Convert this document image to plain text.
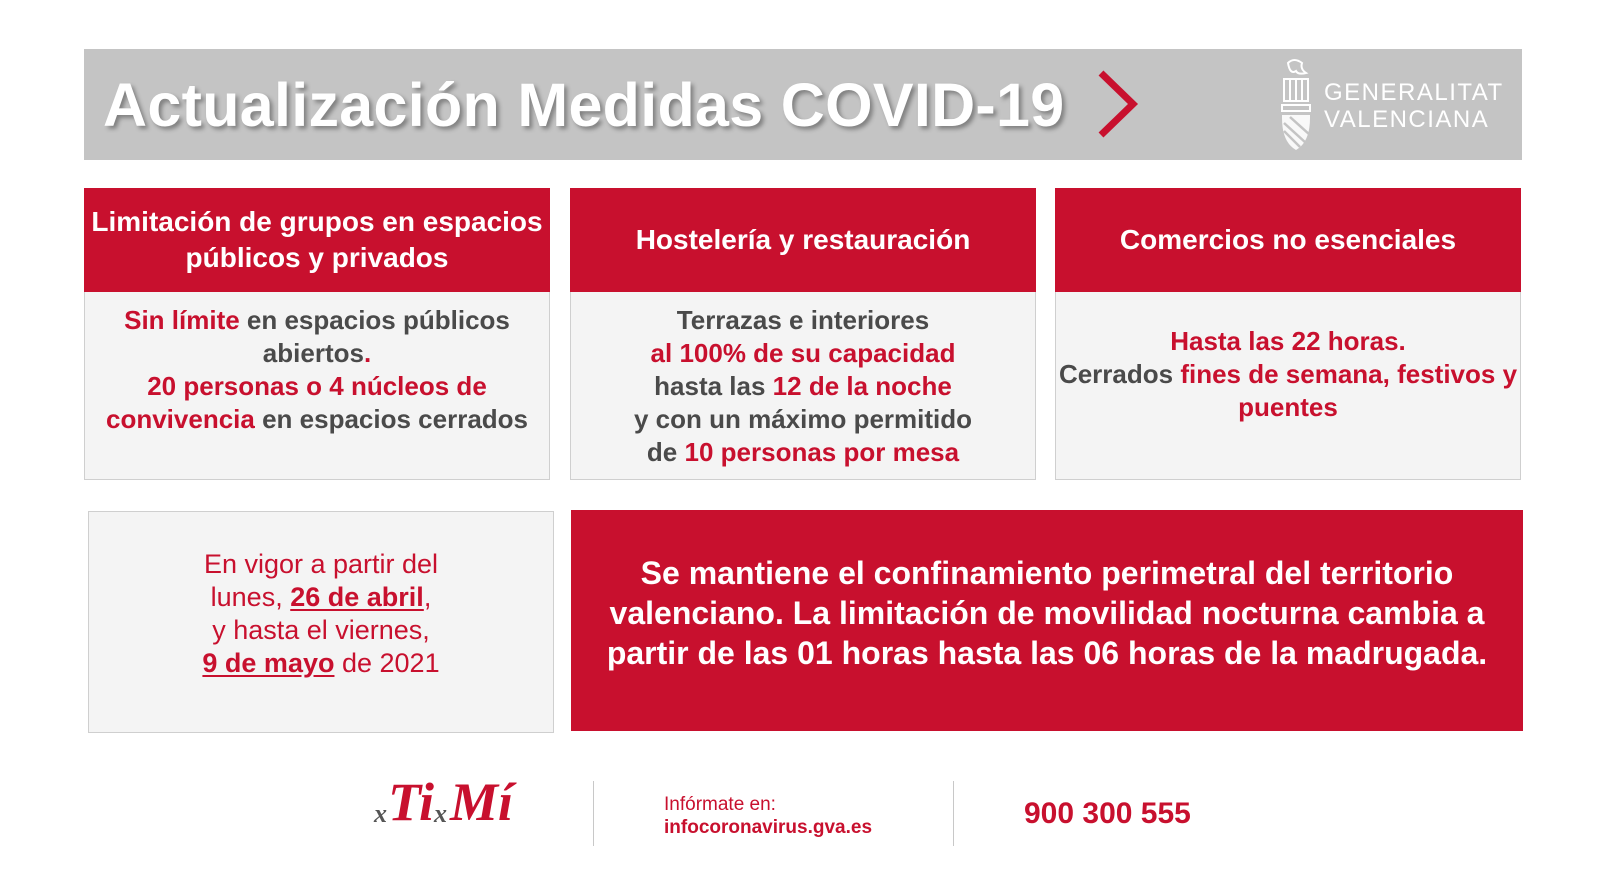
Actualización Medidas COVID-19	GENERALITAT
VALENCIANA
Limitación de grupos en espacios públicos y privados
Sin límite en espacios públicos abiertos.
20 personas o 4 núcleos de convivencia en espacios cerrados
Hostelería y restauración
Terrazas e interiores
al 100% de su capacidad
hasta las 12 de la noche
y con un máximo permitido
de 10 personas por mesa
Comercios no esenciales
Hasta las 22 horas.
Cerrados fines de semana, festivos y puentes
En vigor a partir del
lunes, 26 de abril,
y hasta el viernes,
9 de mayo de 2021
Se mantiene el confinamiento perimetral del territorio valenciano. La limitación de movilidad nocturna cambia a partir de las 01 horas hasta las 06 horas de la madrugada.
x Ti x Mí	Infórmate en:
infocoronavirus.gva.es	900 300 555
